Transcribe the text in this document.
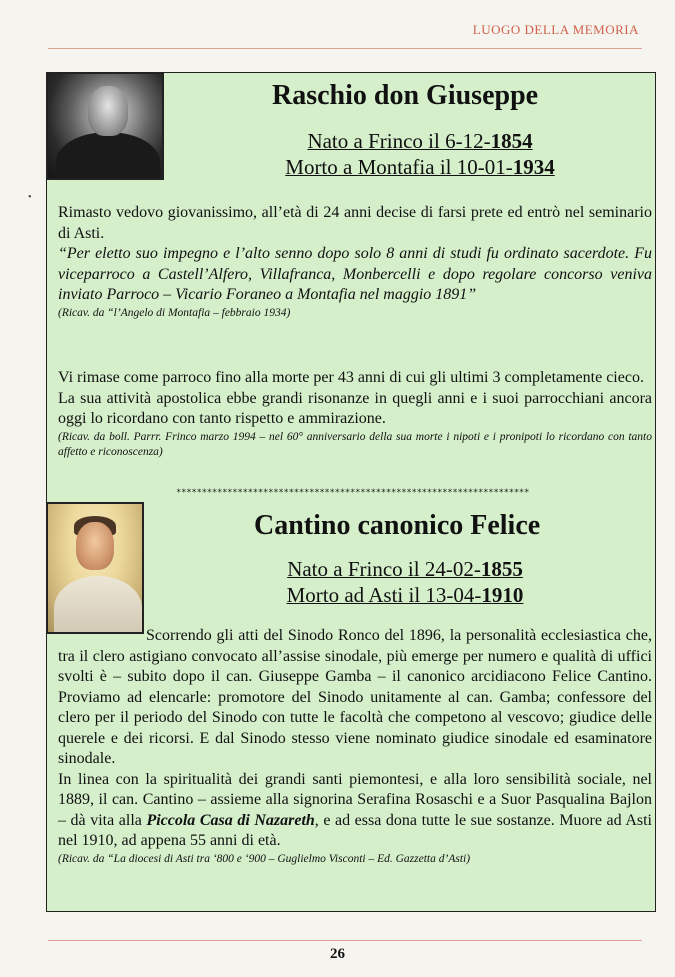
LUOGO DELLA MEMORIA
•
Raschio don Giuseppe
Nato a Frinco il 6-12-1854
Morto a Montafia il 10-01-1934

Rimasto vedovo giovanissimo, all’età di 24 anni decise di farsi prete ed entrò nel seminario di Asti.

“Per eletto suo impegno e l’alto senno dopo solo 8 anni di studi fu ordinato sacerdote. Fu viceparroco a Castell’Alfero, Villafranca, Monbercelli e dopo regolare concorso veniva inviato Parroco – Vicario Foraneo a Montafia nel maggio 1891”

(Ricav. da “l’Angelo di Montafia – febbraio 1934)

Vi rimase come parroco fino alla morte per 43 anni di cui gli ultimi 3 completamente cieco.

La sua attività apostolica ebbe grandi risonanze in quegli anni e i suoi parrocchiani ancora oggi lo ricordano con tanto rispetto e ammirazione.

(Ricav. da boll. Parrr. Frinco marzo 1994 – nel 60° anniversario della sua morte i nipoti e i pronipoti lo ricordano con tanto affetto e riconoscenza)

*********************************************************************
Cantino canonico Felice
Nato a Frinco il 24-02-1855
Morto ad Asti il 13-04-1910

Scorrendo gli atti del Sinodo Ronco del 1896, la personalità ecclesiastica che, tra il clero astigiano convocato all’assise sinodale, più emerge per numero e qualità di uffici svolti è – subito dopo il can. Giuseppe Gamba – il canonico arcidiacono Felice Cantino. Proviamo ad elencarle: promotore del Sinodo unitamente al can. Gamba; confessore del clero per il periodo del Sinodo con tutte le facoltà che competono al vescovo; giudice delle querele e dei ricorsi. E dal Sinodo stesso viene nominato giudice sinodale ed esaminatore sinodale.

In linea con la spiritualità dei grandi santi piemontesi, e alla loro sensibilità sociale, nel 1889, il can. Cantino – assieme alla signorina Serafina Rosaschi e a Suor Pasqualina Bajlon – dà vita alla Piccola Casa di Nazareth, e ad essa dona tutte le sue sostanze. Muore ad Asti nel 1910, ad appena 55 anni di età.

(Ricav. da “La diocesi di Asti tra ‘800 e ‘900 – Guglielmo Visconti – Ed. Gazzetta d’Asti)

26
